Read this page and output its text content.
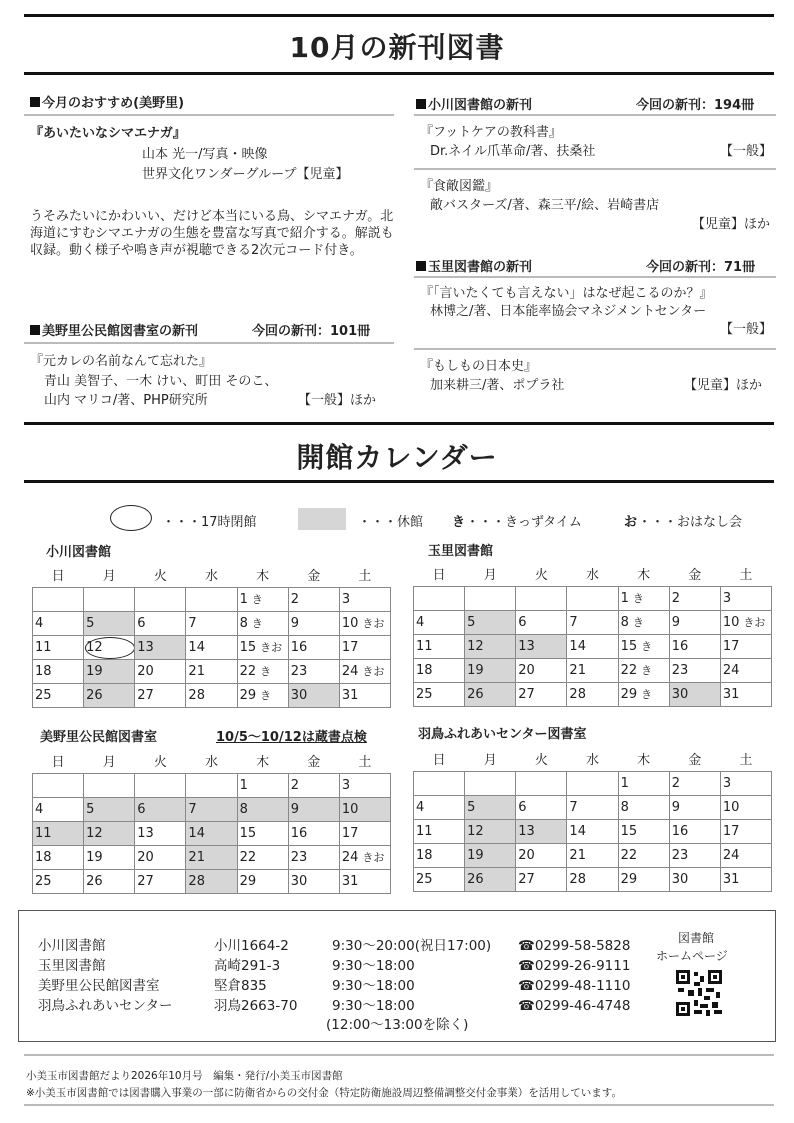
10月の新刊図書
今月のおすすめ(美野里)
『あいたいなシマエナガ』
山本 光一/写真・映像
世界文化ワンダーグループ【児童】
うそみたいにかわいい、だけど本当にいる鳥、シマエナガ。北海道にすむシマエナガの生態を豊富な写真で紹介する。解説も収録。動く様子や鳴き声が視聴できる2次元コード付き。
美野里公民館図書室の新刊	今回の新刊：101冊
『元カレの名前なんて忘れた』
青山 美智子、一木 けい、町田 そのこ、
山内 マリコ/著、PHP研究所	【一般】ほか
小川図書館の新刊	今回の新刊：194冊
『フットケアの教科書』
Dr.ネイル爪革命/著、扶桑社	【一般】
『食敵図鑑』
敵バスターズ/著、森三平/絵、岩崎書店
【児童】ほか
玉里図書館の新刊	今回の新刊：71冊
『「言いたくても言えない」はなぜ起こるのか？』
林博之/著、日本能率協会マネジメントセンター
【一般】
『もしもの日本史』
加来耕三/著、ポプラ社	【児童】ほか
開館カレンダー
・・・17時閉館	・・・休館 き ・・・きっずタイム	お ・・・おはなし会
小川図書館	玉里図書館
美野里公民館図書室	10/5～10/12は蔵書点検	羽鳥ふれあいセンター図書室
日	月	火	水	木	金	土
				1 き	2	3
4	5	6	7	8 き	9	10 きお
11	12	13	14	15 きお	16	17
18	19	20	21	22 き	23	24 きお
25	26	27	28	29 き	30	31
日	月	火	水	木	金	土
				1 き	2	3
4	5	6	7	8 き	9	10 きお
11	12	13	14	15 き	16	17
18	19	20	21	22 き	23	24
25	26	27	28	29 き	30	31
日	月	火	水	木	金	土
				1	2	3
4	5	6	7	8	9	10
11	12	13	14	15	16	17
18	19	20	21	22	23	24 きお
25	26	27	28	29	30	31
日	月	火	水	木	金	土
				1	2	3
4	5	6	7	8	9	10
11	12	13	14	15	16	17
18	19	20	21	22	23	24
25	26	27	28	29	30	31
小川図書館	小川1664-2	9:30～20:00(祝日17:00) ☎0299-58-5828
玉里図書館	高崎291-3	9:30～18:00	☎0299-26-9111
美野里公民館図書室	堅倉835	9:30～18:00	☎0299-48-1110
羽鳥ふれあいセンター	羽鳥2663-70	9:30～18:00	☎0299-46-4748
(12:00～13:00を除く)
図書館
ホームページ
小美玉市図書館だより2026年10月号　編集・発行/小美玉市図書館
※小美玉市図書館では図書購入事業の一部に防衛省からの交付金（特定防衛施設周辺整備調整交付金事業）を活用しています。
